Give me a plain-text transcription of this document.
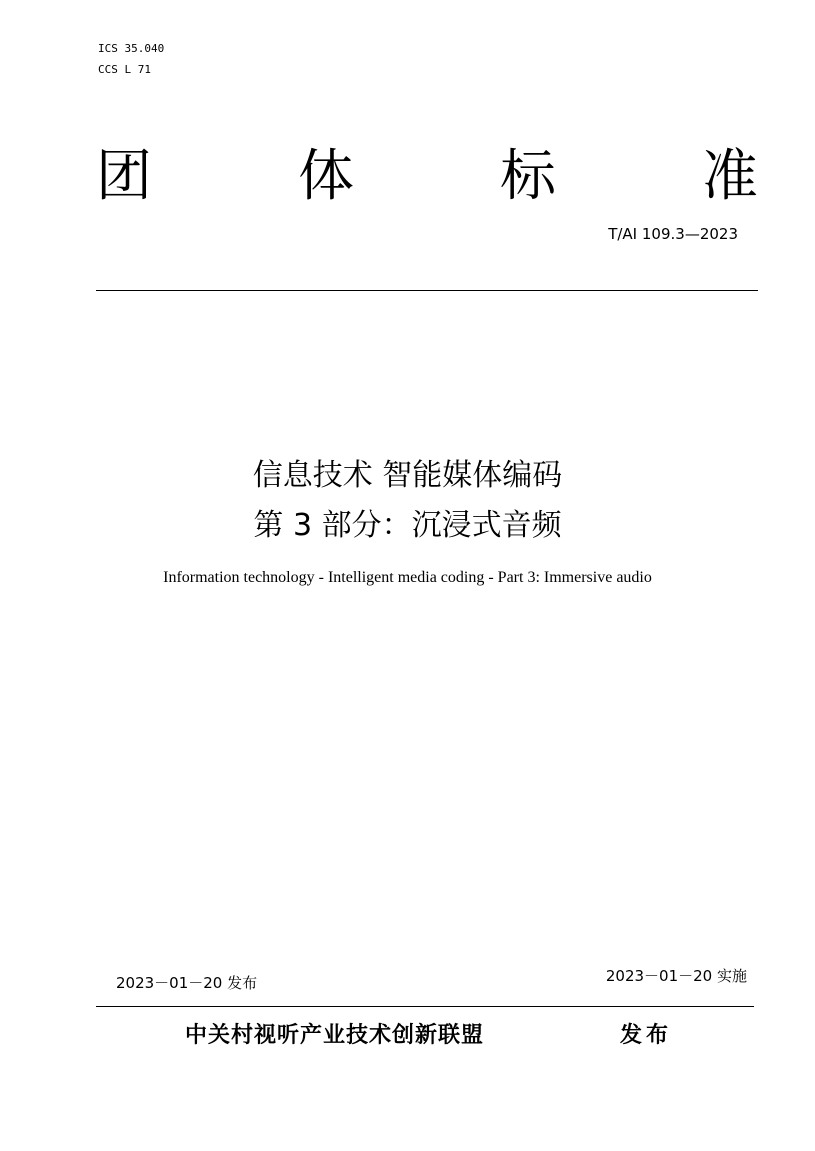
ICS 35.040
CCS L 71
团	体	标	准
T/AI 109.3—2023
信息技术 智能媒体编码
第 3 部分：沉浸式音频
Information technology - Intelligent media coding - Part 3: Immersive audio
2023－01－20 实施
2023－01－20 发布
中关村视听产业技术创新联盟	发布
